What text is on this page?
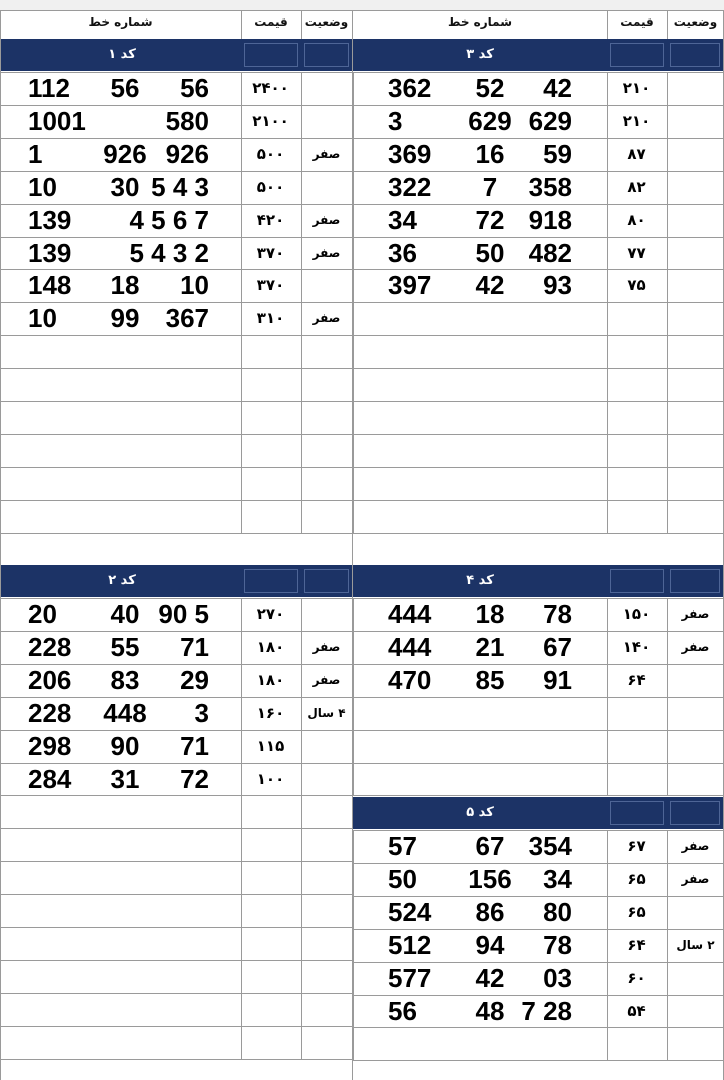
شماره خط	قیمت	وضعیت	شماره خط	قیمت	وضعیت
کد ۱
112	56	56	۲۴۰۰
1001	580	۲۱۰۰
1	926 926	۵۰۰	صفر
10	30 5 4 3	۵۰۰
139	4 5 6 7	۴۲۰	صفر
139	5 4 3 2	۳۷۰	صفر
148	18	10	۳۷۰
10	99	367	۳۱۰	صفر
کد ۳
362	52	42	۲۱۰
3	629 629	۲۱۰
369	16	59	۸۷
322	7	358	۸۲
34	72 918	۸۰
36	50 482	۷۷
397	42	93	۷۵
کد ۲
20	40 90 5	۲۷۰
228	55	71	۱۸۰	صفر
206	83	29	۱۸۰	صفر
228	448	3	۱۶۰	۴ سال
298	90	71	۱۱۵
284	31	72	۱۰۰
کد ۴
444	18	78	۱۵۰	صفر
444	21	67	۱۴۰	صفر
470	85	91	۶۴
کد ۵
57	67 354	۶۷	صفر
50	156	34	۶۵	صفر
524	86	80	۶۵
512	94	78	۶۴	۲ سال
577	42	03	۶۰
56	48 7 28	۵۴
